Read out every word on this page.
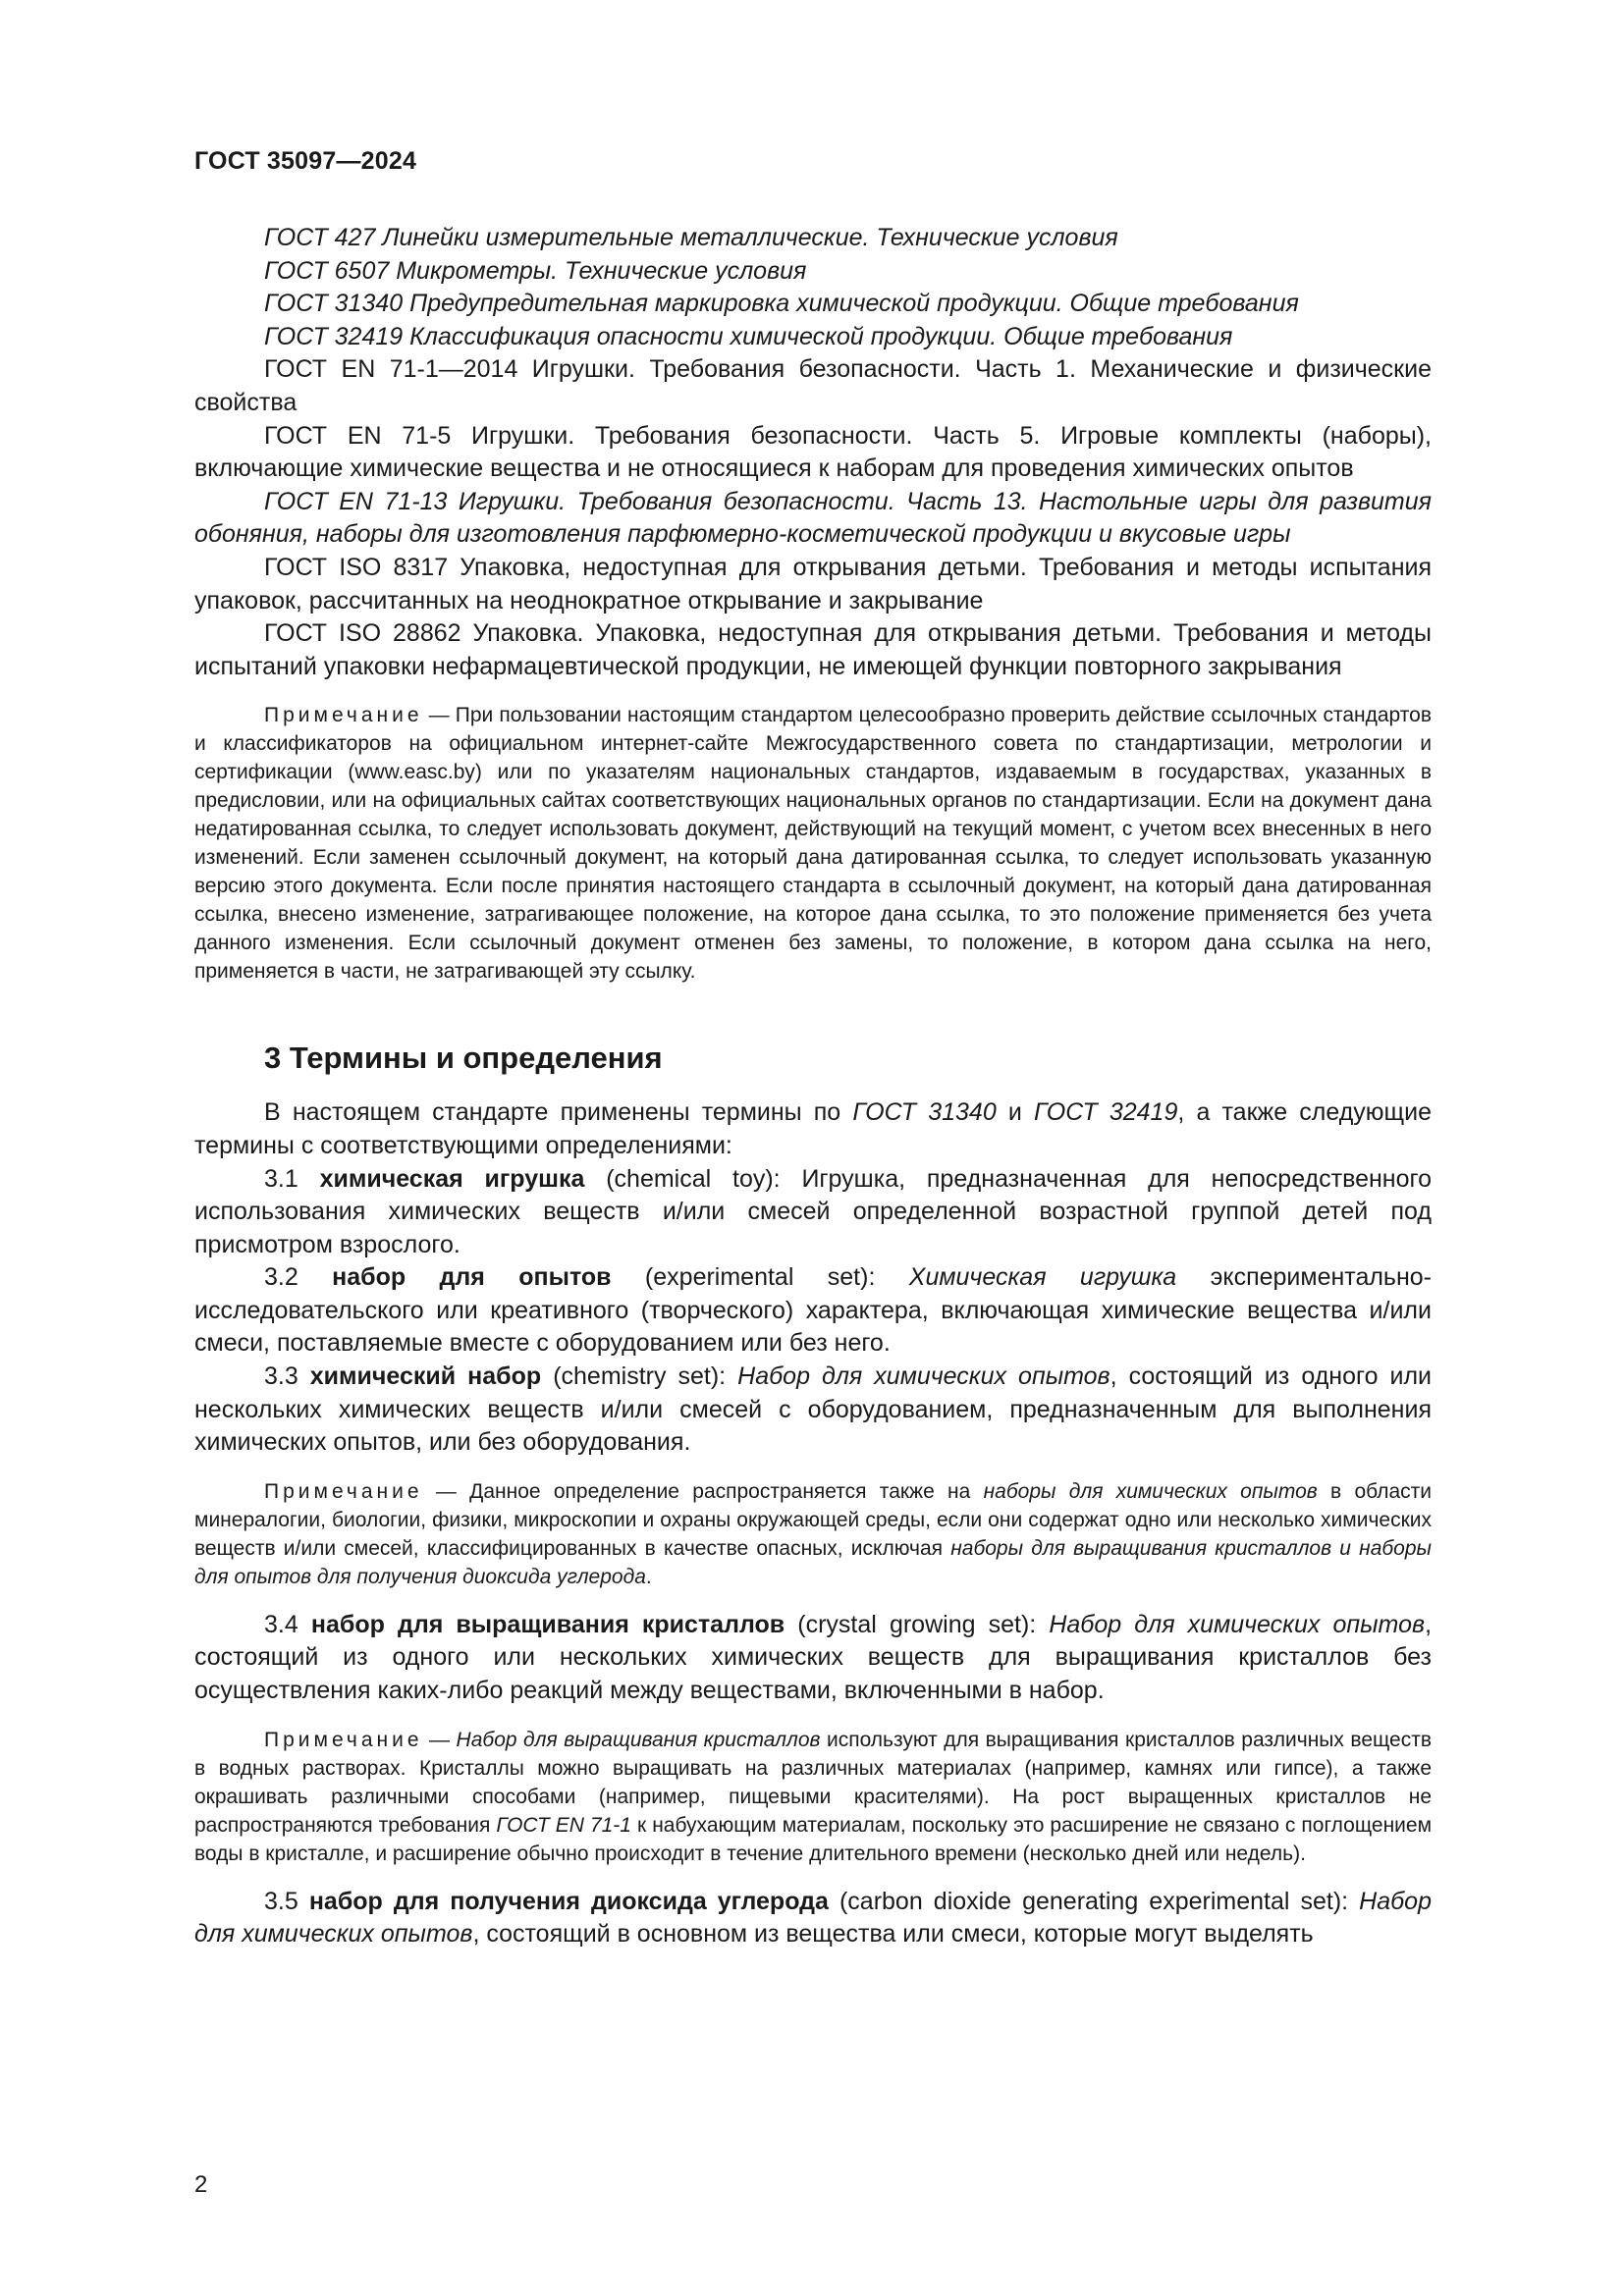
ГОСТ 35097—2024

ГОСТ 427 Линейки измерительные металлические. Технические условия

ГОСТ 6507 Микрометры. Технические условия

ГОСТ 31340 Предупредительная маркировка химической продукции. Общие требования

ГОСТ 32419 Классификация опасности химической продукции. Общие требования

ГОСТ EN 71-1—2014 Игрушки. Требования безопасности. Часть 1. Механические и физические свойства

ГОСТ EN 71-5 Игрушки. Требования безопасности. Часть 5. Игровые комплекты (наборы), включающие химические вещества и не относящиеся к наборам для проведения химических опытов

ГОСТ EN 71-13 Игрушки. Требования безопасности. Часть 13. Настольные игры для развития обоняния, наборы для изготовления парфюмерно-косметической продукции и вкусовые игры

ГОСТ ISO 8317 Упаковка, недоступная для открывания детьми. Требования и методы испытания упаковок, рассчитанных на неоднократное открывание и закрывание

ГОСТ ISO 28862 Упаковка. Упаковка, недоступная для открывания детьми. Требования и методы испытаний упаковки нефармацевтической продукции, не имеющей функции повторного закрывания

Примечание — При пользовании настоящим стандартом целесообразно проверить действие ссылочных стандартов и классификаторов на официальном интернет-сайте Межгосударственного совета по стандартизации, метрологии и сертификации (www.easc.by) или по указателям национальных стандартов, издаваемым в государствах, указанных в предисловии, или на официальных сайтах соответствующих национальных органов по стандартизации. Если на документ дана недатированная ссылка, то следует использовать документ, действующий на текущий момент, с учетом всех внесенных в него изменений. Если заменен ссылочный документ, на который дана датированная ссылка, то следует использовать указанную версию этого документа. Если после принятия настоящего стандарта в ссылочный документ, на который дана датированная ссылка, внесено изменение, затрагивающее положение, на которое дана ссылка, то это положение применяется без учета данного изменения. Если ссылочный документ отменен без замены, то положение, в котором дана ссылка на него, применяется в части, не затрагивающей эту ссылку.

3 Термины и определения

В настоящем стандарте применены термины по ГОСТ 31340 и ГОСТ 32419, а также следующие термины с соответствующими определениями:

3.1 химическая игрушка (chemical toy): Игрушка, предназначенная для непосредственного использования химических веществ и/или смесей определенной возрастной группой детей под присмотром взрослого.

3.2 набор для опытов (experimental set): Химическая игрушка экспериментально-исследовательского или креативного (творческого) характера, включающая химические вещества и/или смеси, поставляемые вместе с оборудованием или без него.

3.3 химический набор (chemistry set): Набор для химических опытов, состоящий из одного или нескольких химических веществ и/или смесей с оборудованием, предназначенным для выполнения химических опытов, или без оборудования.

Примечание — Данное определение распространяется также на наборы для химических опытов в области минералогии, биологии, физики, микроскопии и охраны окружающей среды, если они содержат одно или несколько химических веществ и/или смесей, классифицированных в качестве опасных, исключая наборы для выращивания кристаллов и наборы для опытов для получения диоксида углерода.

3.4 набор для выращивания кристаллов (crystal growing set): Набор для химических опытов, состоящий из одного или нескольких химических веществ для выращивания кристаллов без осуществления каких-либо реакций между веществами, включенными в набор.

Примечание — Набор для выращивания кристаллов используют для выращивания кристаллов различных веществ в водных растворах. Кристаллы можно выращивать на различных материалах (например, камнях или гипсе), а также окрашивать различными способами (например, пищевыми красителями). На рост выращенных кристаллов не распространяются требования ГОСТ EN 71-1 к набухающим материалам, поскольку это расширение не связано с поглощением воды в кристалле, и расширение обычно происходит в течение длительного времени (несколько дней или недель).

3.5 набор для получения диоксида углерода (carbon dioxide generating experimental set): Набор для химических опытов, состоящий в основном из вещества или смеси, которые могут выделять

2
